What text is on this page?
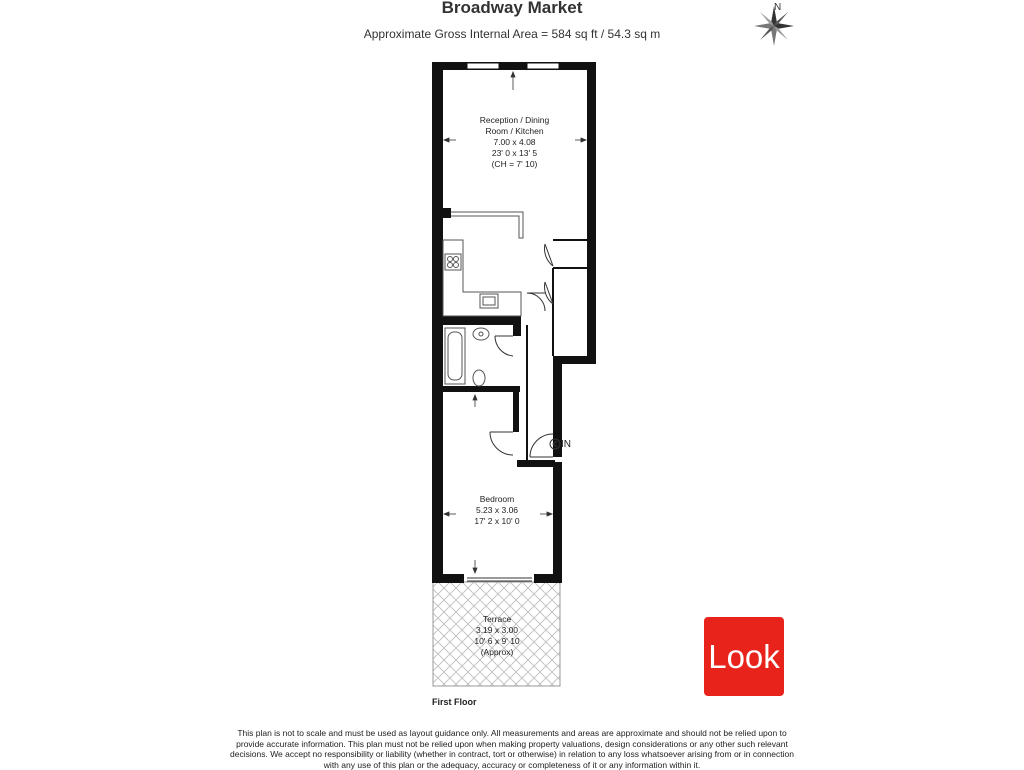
Broadway Market
Approximate Gross Internal Area = 584 sq ft / 54.3 sq m
N
Reception / Dining
Room / Kitchen
7.00 x 4.08
23' 0 x 13' 5
(CH = 7' 10)
Bedroom
5.23 x 3.06
17' 2 x 10' 0
Terrace
3.19 x 3.00
10' 6 x 9' 10
(Approx)
IN
First Floor
Look
This plan is not to scale and must be used as layout guidance only. All measurements and areas are approximate and should not be relied upon to provide accurate information. This plan must not be relied upon when making property valuations, design considerations or any other such relevant decisions. We accept no responsibility or liability (whether in contract, tort or otherwise) in relation to any loss whatsoever arising from or in connection with any use of this plan or the adequacy, accuracy or completeness of it or any information within it.
